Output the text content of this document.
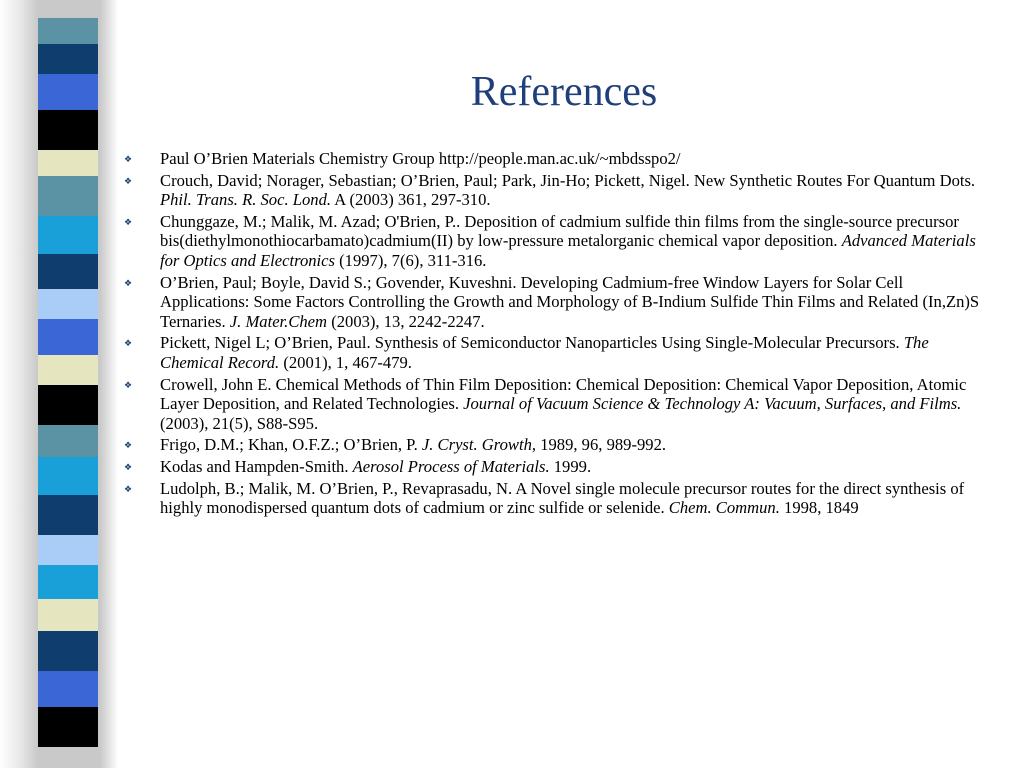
References
❖ Paul O’Brien Materials Chemistry Group http://people.man.ac.uk/~mbdsspo2/
❖ Crouch, David; Norager, Sebastian; O’Brien, Paul; Park, Jin-Ho; Pickett, Nigel. New Synthetic Routes For Quantum Dots. Phil. Trans. R. Soc. Lond. A (2003) 361, 297-310.
❖ Chunggaze, M.; Malik, M. Azad; O'Brien, P.. Deposition of cadmium sulfide thin films from the single-source precursor bis(diethylmonothiocarbamato)cadmium(II) by low-pressure metalorganic chemical vapor deposition. Advanced Materials for Optics and Electronics (1997), 7(6), 311-316.
❖ O’Brien, Paul; Boyle, David S.; Govender, Kuveshni. Developing Cadmium-free Window Layers for Solar Cell Applications: Some Factors Controlling the Growth and Morphology of B-Indium Sulfide Thin Films and Related (In,Zn)S Ternaries. J. Mater.Chem (2003), 13, 2242-2247.
❖ Pickett, Nigel L; O’Brien, Paul. Synthesis of Semiconductor Nanoparticles Using Single-Molecular Precursors. The Chemical Record. (2001), 1, 467-479.
❖ Crowell, John E. Chemical Methods of Thin Film Deposition: Chemical Deposition: Chemical Vapor Deposition, Atomic Layer Deposition, and Related Technologies. Journal of Vacuum Science & Technology A: Vacuum, Surfaces, and Films. (2003), 21(5), S88-S95.
❖ Frigo, D.M.; Khan, O.F.Z.; O’Brien, P. J. Cryst. Growth, 1989, 96, 989-992.
❖ Kodas and Hampden-Smith. Aerosol Process of Materials. 1999.
❖ Ludolph, B.; Malik, M. O’Brien, P., Revaprasadu, N. A Novel single molecule precursor routes for the direct synthesis of highly monodispersed quantum dots of cadmium or zinc sulfide or selenide. Chem. Commun. 1998, 1849
